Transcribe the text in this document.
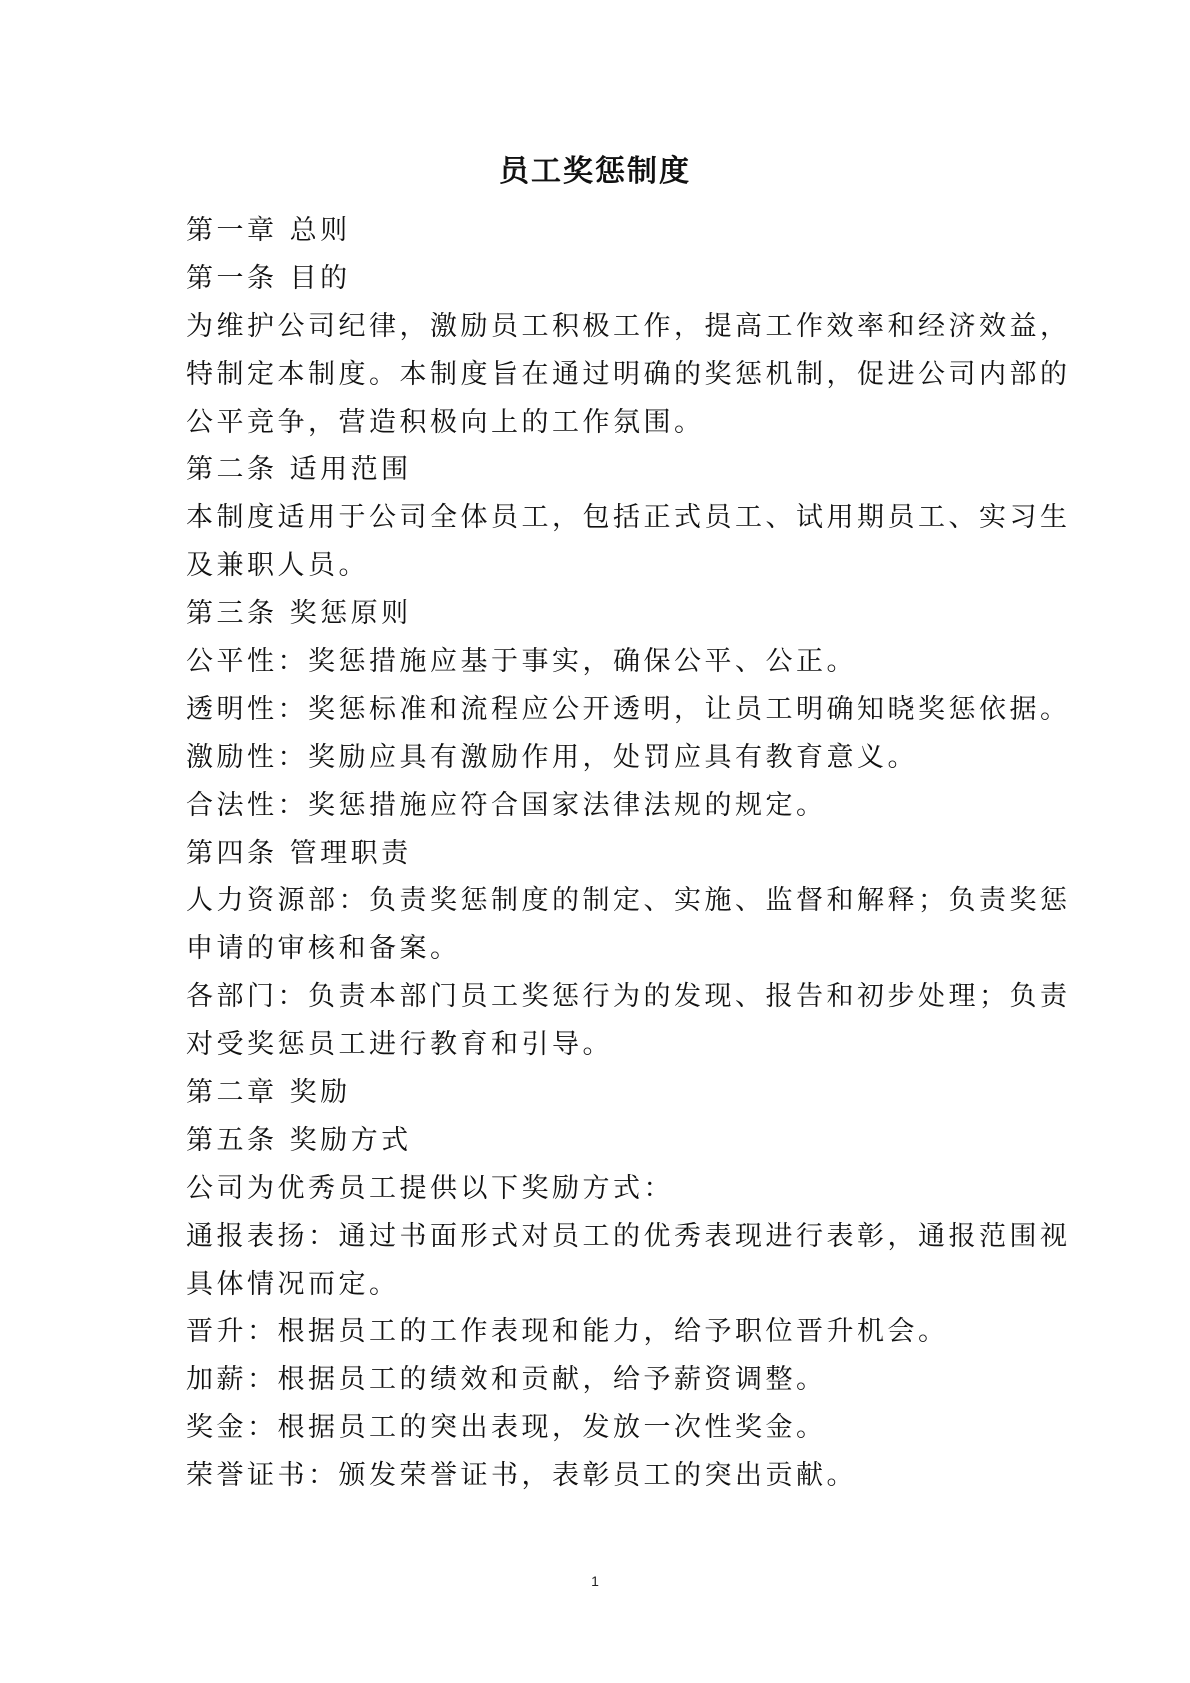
员工奖惩制度
第一章 总则
第一条 目的
为维护公司纪律，激励员工积极工作，提高工作效率和经济效益，
特制定本制度。本制度旨在通过明确的奖惩机制，促进公司内部的
公平竞争，营造积极向上的工作氛围。
第二条 适用范围
本制度适用于公司全体员工，包括正式员工、试用期员工、实习生
及兼职人员。
第三条 奖惩原则
公平性：奖惩措施应基于事实，确保公平、公正。
透明性：奖惩标准和流程应公开透明，让员工明确知晓奖惩依据。
激励性：奖励应具有激励作用，处罚应具有教育意义。
合法性：奖惩措施应符合国家法律法规的规定。
第四条 管理职责
人力资源部：负责奖惩制度的制定、实施、监督和解释；负责奖惩
申请的审核和备案。
各部门：负责本部门员工奖惩行为的发现、报告和初步处理；负责
对受奖惩员工进行教育和引导。
第二章 奖励
第五条 奖励方式
公司为优秀员工提供以下奖励方式：
通报表扬：通过书面形式对员工的优秀表现进行表彰，通报范围视
具体情况而定。
晋升：根据员工的工作表现和能力，给予职位晋升机会。
加薪：根据员工的绩效和贡献，给予薪资调整。
奖金：根据员工的突出表现，发放一次性奖金。
荣誉证书：颁发荣誉证书，表彰员工的突出贡献。
1
